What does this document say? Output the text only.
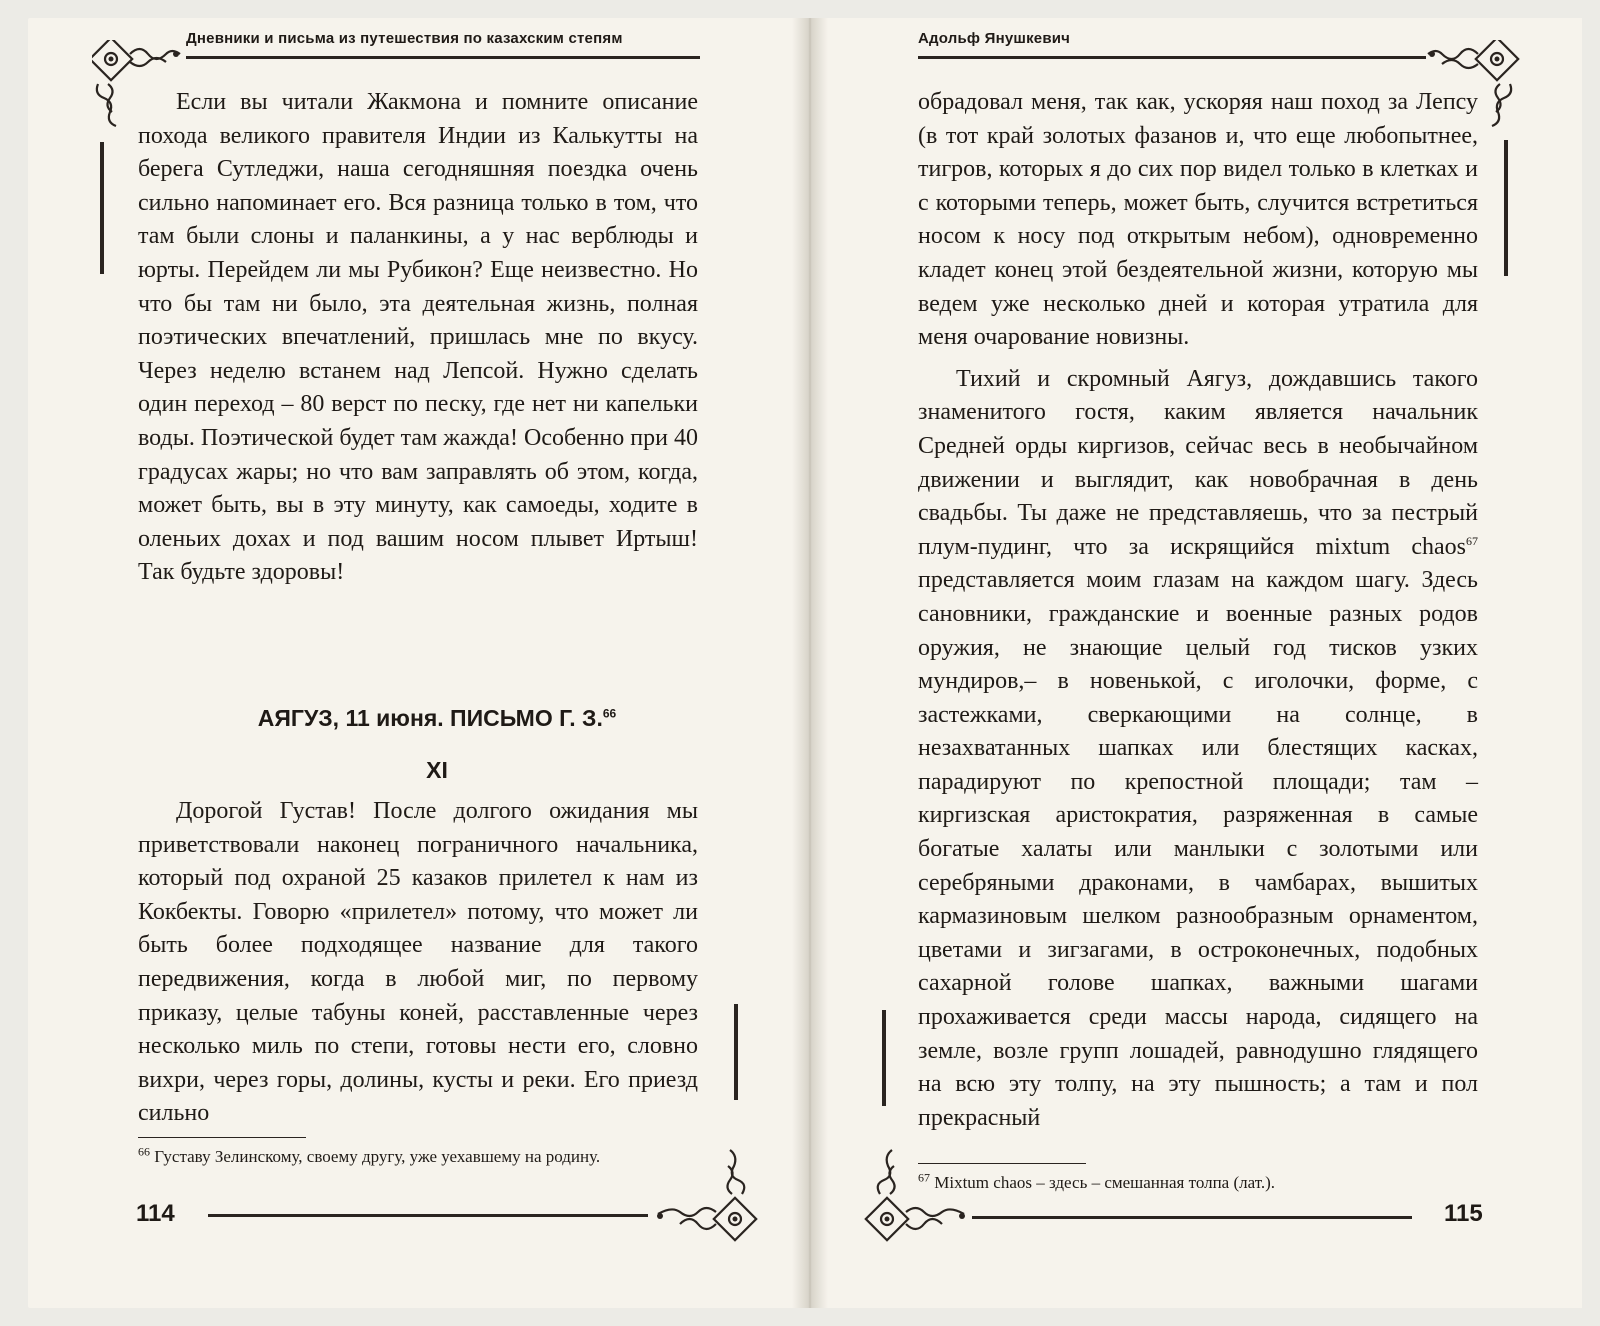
Дневники и письма из путешествия по казахским степям

Если вы читали Жакмона и помните описание похода великого правителя Индии из Калькутты на берега Сутледжи, наша сегодняшняя поездка очень сильно напоминает его. Вся разница только в том, что там были слоны и паланкины, а у нас верблюды и юрты. Перейдем ли мы Рубикон? Еще неизвестно. Но что бы там ни было, эта деятельная жизнь, полная поэтических впечатлений, пришлась мне по вкусу. Через неделю встанем над Лепсой. Нужно сделать один переход – 80 верст по песку, где нет ни капельки воды. Поэтической будет там жажда! Особенно при 40 градусах жары; но что вам заправлять об этом, когда, может быть, вы в эту минуту, как самоеды, ходите в оленьих дохах и под вашим носом плывет Иртыш! Так будьте здоровы!

АЯГУЗ, 11 июня. ПИСЬМО Г. З.$^{66}$

XI

Дорогой Густав! После долгого ожидания мы приветствовали наконец пограничного начальника, который под охраной 25 казаков прилетел к нам из Кокбекты. Говорю «прилетел» потому, что может ли быть более подходящее название для такого передвижения, когда в любой миг, по первому приказу, целые табуны коней, расставленные через несколько миль по степи, готовы нести его, словно вихри, через горы, долины, кусты и реки. Его приезд сильно

$^{66}$ Густаву Зелинскому, своему другу, уже уехавшему на родину.
114
Адольф Янушкевич

обрадовал меня, так как, ускоряя наш поход за Лепсу (в тот край золотых фазанов и, что еще любопытнее, тигров, которых я до сих пор видел только в клетках и с которыми теперь, может быть, случится встретиться носом к носу под открытым небом), одновременно кладет конец этой бездеятельной жизни, которую мы ведем уже несколько дней и которая утратила для меня очарование новизны.

Тихий и скромный Аягуз, дождавшись такого знаменитого гостя, каким является начальник Средней орды киргизов, сейчас весь в необычайном движении и выглядит, как новобрачная в день свадьбы. Ты даже не представляешь, что за пестрый плум-пудинг, что за искрящийся mixtum chaos$^{67}$ представляется моим глазам на каждом шагу. Здесь сановники, гражданские и военные разных родов оружия, не знающие целый год тисков узких мундиров,– в новенькой, с иголочки, форме, с застежками, сверкающими на солнце, в незахватанных шапках или блестящих касках, парадируют по крепостной площади; там – киргизская аристократия, разряженная в самые богатые халаты или манлыки с золотыми или серебряными драконами, в чамбарах, вышитых кармазиновым шелком разнообразным орнаментом, цветами и зигзагами, в остроконечных, подобных сахарной голове шапках, важными шагами прохаживается среди массы народа, сидящего на земле, возле групп лошадей, равнодушно глядящего на всю эту толпу, на эту пышность; а там и пол прекрасный

$^{67}$ Mixtum chaos – здесь – смешанная толпа (лат.).
115
